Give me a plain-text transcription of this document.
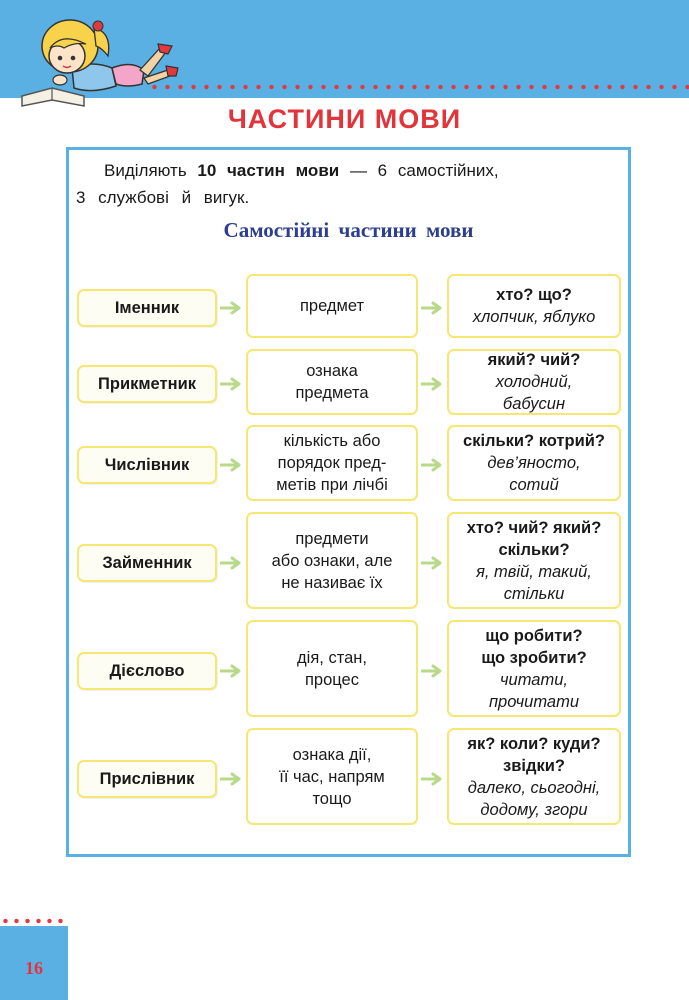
ЧАСТИНИ МОВИ

Виділяють 10 частин мови — 6 самостійних,

3 службові й вигук.

Самостійні частини мови
Іменник	предмет
хто? що?
хлопчик, яблуко
Прикметник
ознака
предмета
який? чий?
холодний,
бабусин
Числівник
кількість або
порядок пред-
метів при лічбі
скільки? котрий?
дев’яносто,
сотий
Займенник
предмети
або ознаки, але
не називає їх
хто? чий? який?
скільки?
я, твій, такий,
стільки
Дієслово
дія, стан,
процес
що робити?
що зробити?
читати,
прочитати
Прислівник
ознака дії,
її час, напрям
тощо
як? коли? куди?
звідки?
далеко, сьогодні,
додому, згори
16
